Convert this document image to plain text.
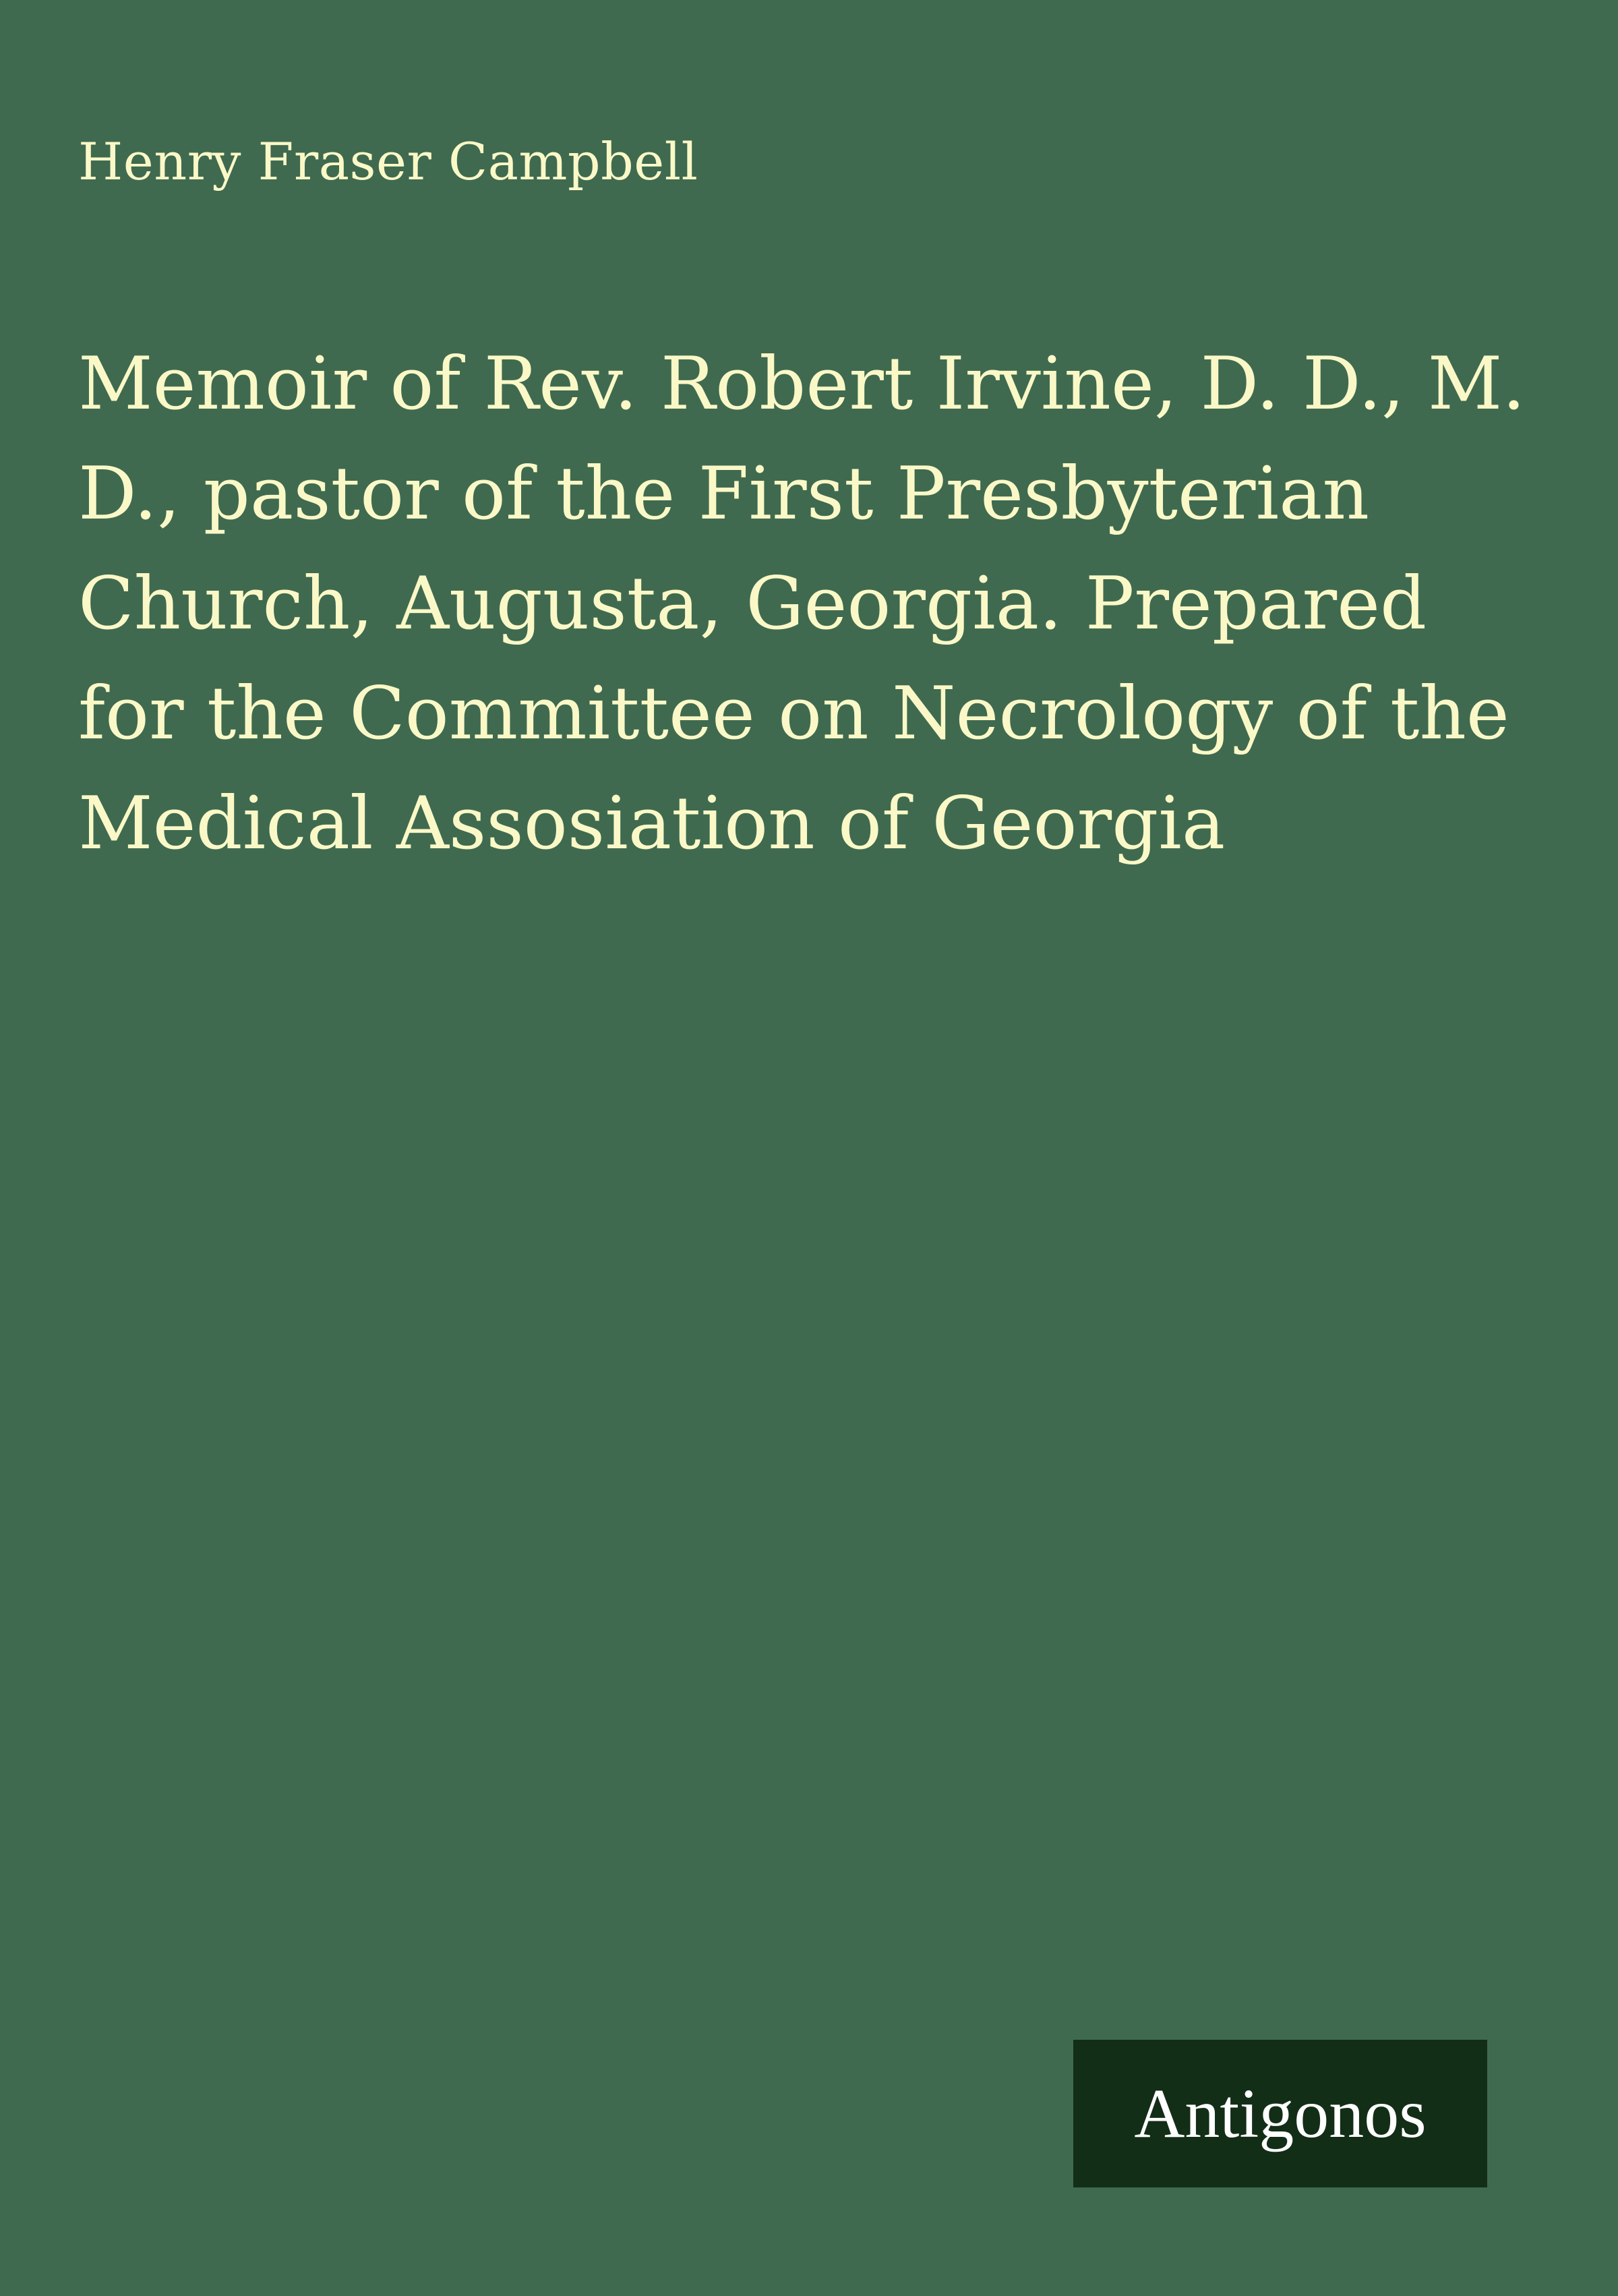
Henry Fraser Campbell
Memoir of Rev. Robert Irvine, D. D., M. D., pastor of the First Presbyterian Church, Augusta, Georgia. Prepared for the Committee on Necrology of the Medical Assosiation of Georgia
Antigonos
